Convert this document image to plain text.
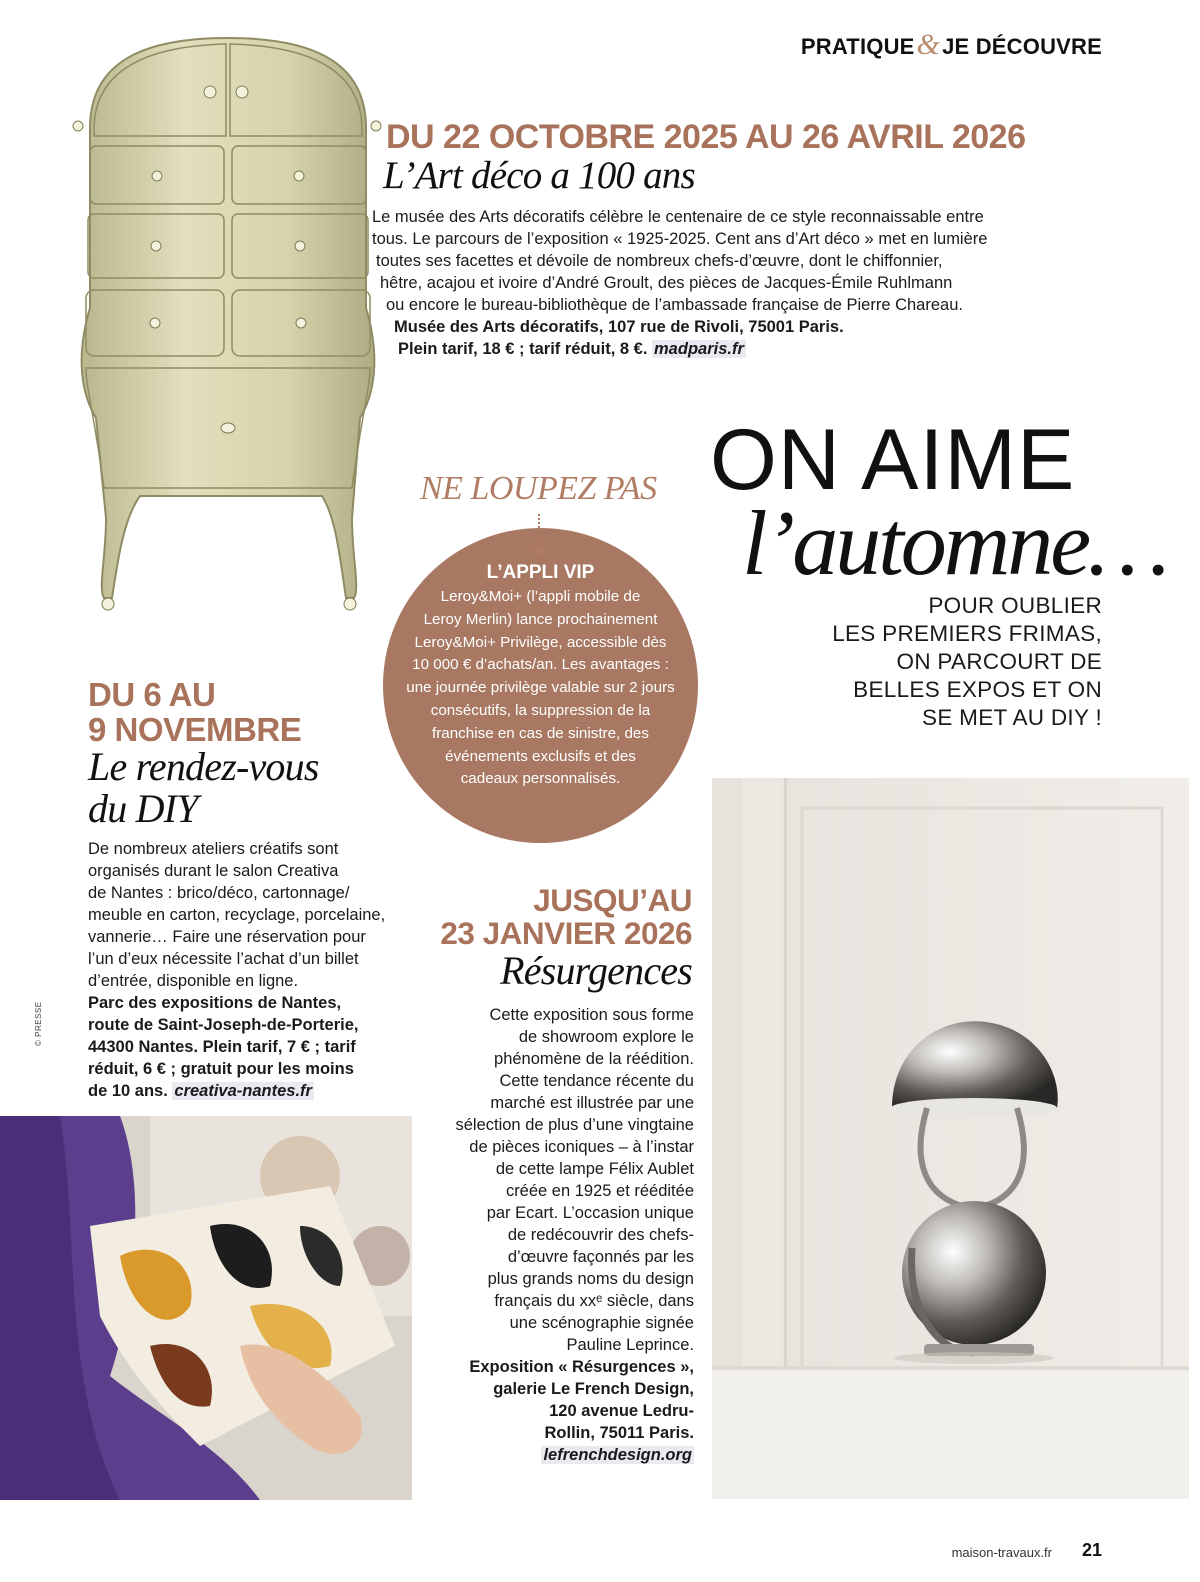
PRATIQUE&JE DÉCOUVRE
DU 22 OCTOBRE 2025 AU 26 AVRIL 2026
L’Art déco a 100 ans
Le musée des Arts décoratifs célèbre le centenaire de ce style reconnaissable entre
tous. Le parcours de l’exposition « 1925-2025. Cent ans d’Art déco » met en lumière
toutes ses facettes et dévoile de nombreux chefs-d’œuvre, dont le chiffonnier,
hêtre, acajou et ivoire d’André Groult, des pièces de Jacques-Émile Ruhlmann
ou encore le bureau-bibliothèque de l’ambassade française de Pierre Chareau.
Musée des Arts décoratifs, 107 rue de Rivoli, 75001 Paris.
Plein tarif, 18 € ; tarif réduit, 8 €. madparis.fr
NE LOUPEZ PAS
L’APPLI VIP
Leroy&Moi+ (l’appli mobile de
Leroy Merlin) lance prochainement
Leroy&Moi+ Privilège, accessible dès
10 000 € d’achats/an. Les avantages :
une journée privilège valable sur 2 jours
consécutifs, la suppression de la
franchise en cas de sinistre, des
événements exclusifs et des
cadeaux personnalisés.
ON AIME
l’automne…
POUR OUBLIER
LES PREMIERS FRIMAS,
ON PARCOURT DE
BELLES EXPOS ET ON
SE MET AU DIY !
DU 6 AU
9 NOVEMBRE
Le rendez-vous
du DIY
De nombreux ateliers créatifs sont
organisés durant le salon Creativa
de Nantes : brico/déco, cartonnage/
meuble en carton, recyclage, porcelaine,
vannerie… Faire une réservation pour
l’un d’eux nécessite l’achat d’un billet
d’entrée, disponible en ligne.
Parc des expositions de Nantes,
route de Saint-Joseph-de-Porterie,
44300 Nantes. Plein tarif, 7 € ; tarif
réduit, 6 € ; gratuit pour les moins
de 10 ans. creativa-nantes.fr
© PRESSE
JUSQU’AU
23 JANVIER 2026
Résurgences
Cette exposition sous forme
de showroom explore le
phénomène de la réédition.
Cette tendance récente du
marché est illustrée par une
sélection de plus d’une vingtaine
de pièces iconiques – à l’instar
de cette lampe Félix Aublet
créée en 1925 et rééditée
par Ecart. L’occasion unique
de redécouvrir des chefs-
d’œuvre façonnés par les
plus grands noms du design
français du xxᵉ siècle, dans
une scénographie signée
Pauline Leprince.
Exposition « Résurgences »,
galerie Le French Design,
120 avenue Ledru-
Rollin, 75011 Paris.
lefrenchdesign.org
maison-travaux.fr 21
